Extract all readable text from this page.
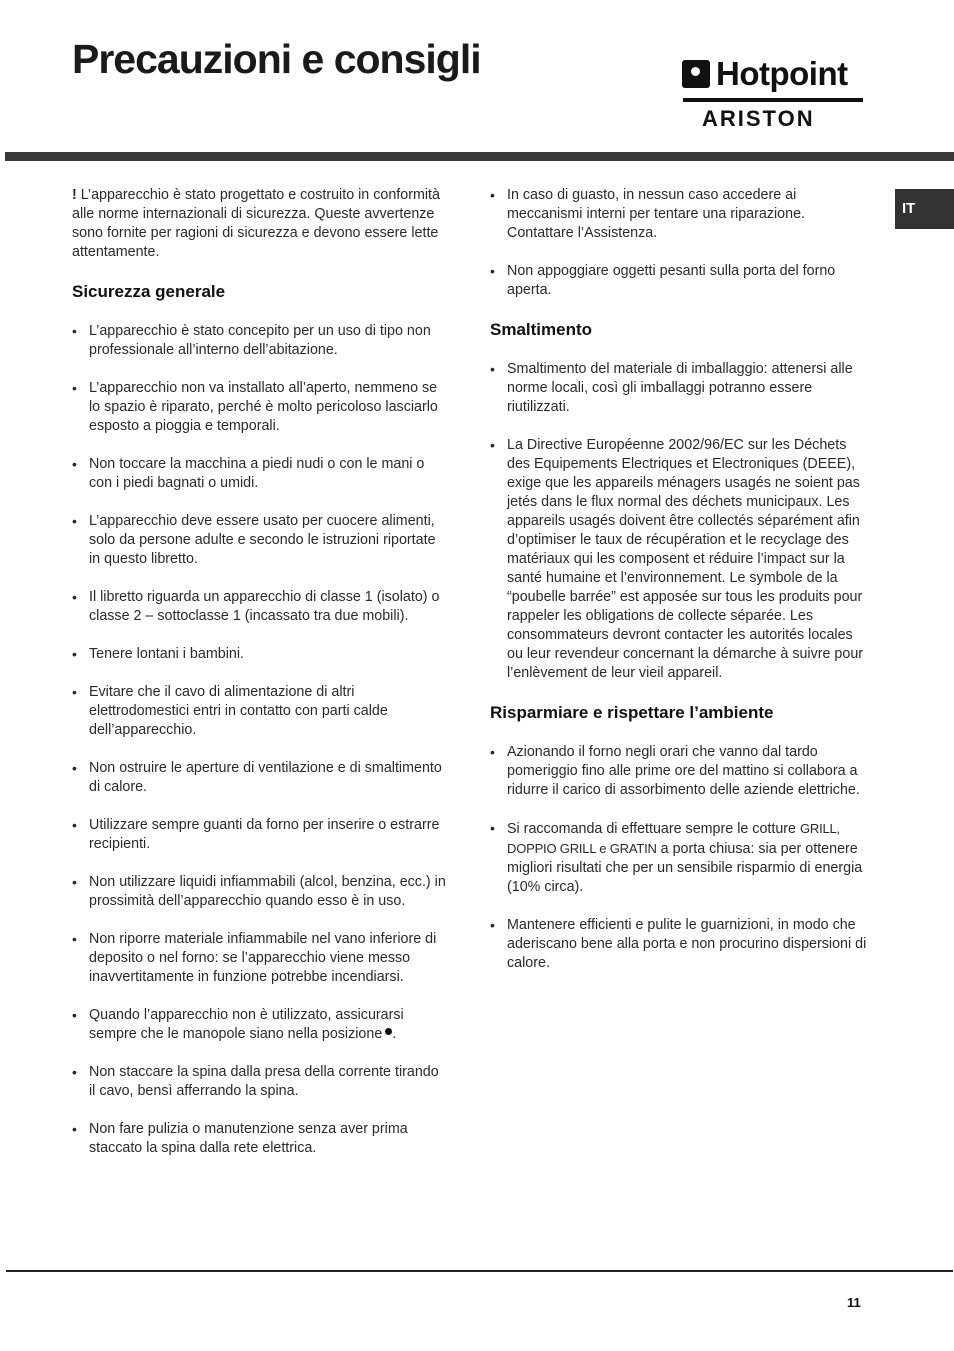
Precauzioni e consigli	Hotpoint
ARISTON
IT

! L’apparecchio è stato progettato e costruito in conformità alle norme internazionali di sicurezza. Queste avvertenze sono fornite per ragioni di sicurezza e devono essere lette attentamente.

Sicurezza generale
• L’apparecchio è stato concepito per un uso di tipo non professionale all’interno dell’abitazione.
• L’apparecchio non va installato all’aperto, nemmeno se lo spazio è riparato, perché è molto pericoloso lasciarlo esposto a pioggia e temporali.
• Non toccare la macchina a piedi nudi o con le mani o con i piedi bagnati o umidi.
• L’apparecchio deve essere usato per cuocere alimenti, solo da persone adulte e secondo le istruzioni riportate in questo libretto.
• Il libretto riguarda un apparecchio di classe 1 (isolato) o classe 2 – sottoclasse 1 (incassato tra due mobili).
• Tenere lontani i bambini.
• Evitare che il cavo di alimentazione di altri elettrodomestici entri in contatto con parti calde dell’apparecchio.
• Non ostruire le aperture di ventilazione e di smaltimento di calore.
• Utilizzare sempre guanti da forno per inserire o estrarre recipienti.
• Non utilizzare liquidi infiammabili (alcol, benzina, ecc.) in prossimità dell’apparecchio quando esso è in uso.
• Non riporre materiale infiammabile nel vano inferiore di deposito o nel forno: se l’apparecchio viene messo inavvertitamente in funzione potrebbe incendiarsi.
• Quando l’apparecchio non è utilizzato, assicurarsi sempre che le manopole siano nella posizione .
• Non staccare la spina dalla presa della corrente tirando il cavo, bensì afferrando la spina.
• Non fare pulizia o manutenzione senza aver prima staccato la spina dalla rete elettrica.
• In caso di guasto, in nessun caso accedere ai meccanismi interni per tentare una riparazione. Contattare l’Assistenza.
• Non appoggiare oggetti pesanti sulla porta del forno aperta.
Smaltimento
• Smaltimento del materiale di imballaggio: attenersi alle norme locali, così gli imballaggi potranno essere riutilizzati.
• La Directive Européenne 2002/96/EC sur les Déchets des Equipements Electriques et Electroniques (DEEE), exige que les appareils ménagers usagés ne soient pas jetés dans le flux normal des déchets municipaux. Les appareils usagés doivent être collectés séparément afin d’optimiser le taux de récupération et le recyclage des matériaux qui les composent et réduire l’impact sur la santé humaine et l’environnement. Le symbole de la “poubelle barrée” est apposée sur tous les produits pour rappeler les obligations de collecte séparée. Les consommateurs devront contacter les autorités locales ou leur revendeur concernant la démarche à suivre pour l’enlèvement de leur vieil appareil.
Risparmiare e rispettare l’ambiente
• Azionando il forno negli orari che vanno dal tardo pomeriggio fino alle prime ore del mattino si collabora a ridurre il carico di assorbimento delle aziende elettriche.
• Si raccomanda di effettuare sempre le cotture GRILL, DOPPIO GRILL e GRATIN a porta chiusa: sia per ottenere migliori risultati che per un sensibile risparmio di energia (10% circa).
• Mantenere efficienti e pulite le guarnizioni, in modo che aderiscano bene alla porta e non procurino dispersioni di calore.
11
